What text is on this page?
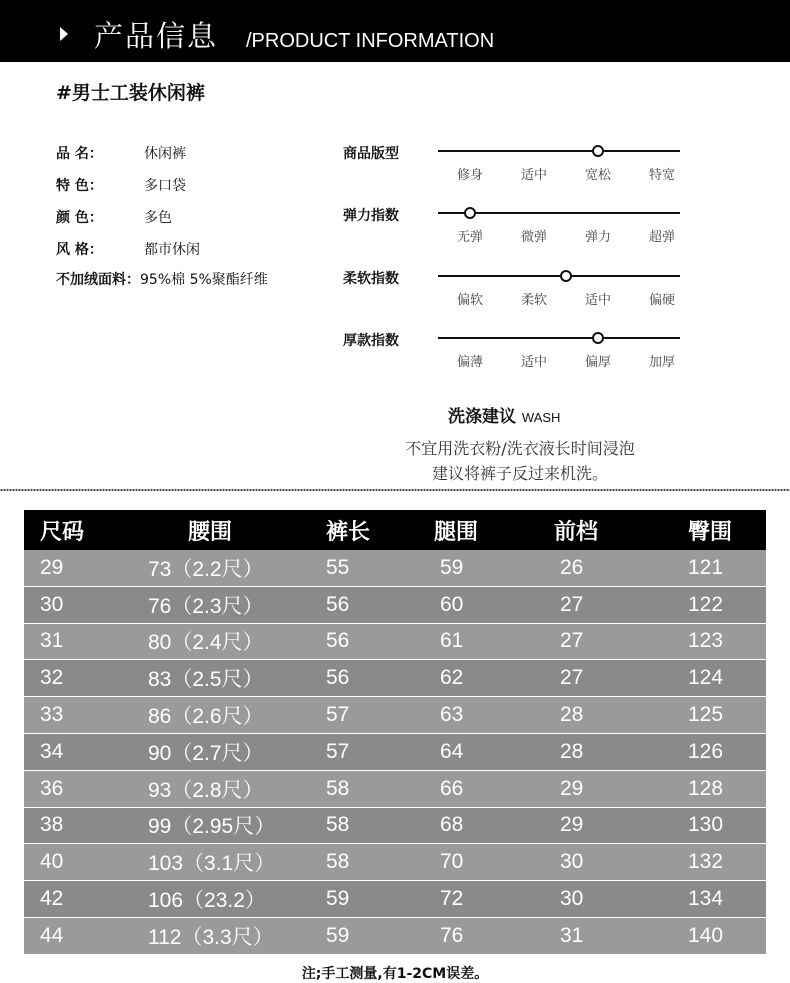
产品信息 /PRODUCT INFORMATION
#男士工装休闲裤
品 名：	休闲裤
特 色：	多口袋
颜 色：	多色
风 格：	都市休闲
不加绒面料：95%棉 5%聚酯纤维
商品版型
修身	适中	宽松	特宽
弹力指数
无弹	微弹	弹力	超弹
柔软指数
偏软	柔软	适中	偏硬
厚款指数
偏薄	适中	偏厚	加厚
洗涤建议 WASH
不宜用洗衣粉/洗衣液长时间浸泡
建议将裤子反过来机洗。
尺码	腰围	裤长	腿围	前档	臀围
29	73（2.2尺）	55	59	26	121
30	76（2.3尺）	56	60	27	122
31	80（2.4尺）	56	61	27	123
32	83（2.5尺）	56	62	27	124
33	86（2.6尺）	57	63	28	125
34	90（2.7尺）	57	64	28	126
36	93（2.8尺）	58	66	29	128
38	99（2.95尺）	58	68	29	130
40	103（3.1尺）	58	70	30	132
42	106（23.2）	59	72	30	134
44	112（3.3尺）	59	76	31	140
注;手工测量,有1-2CM误差。
